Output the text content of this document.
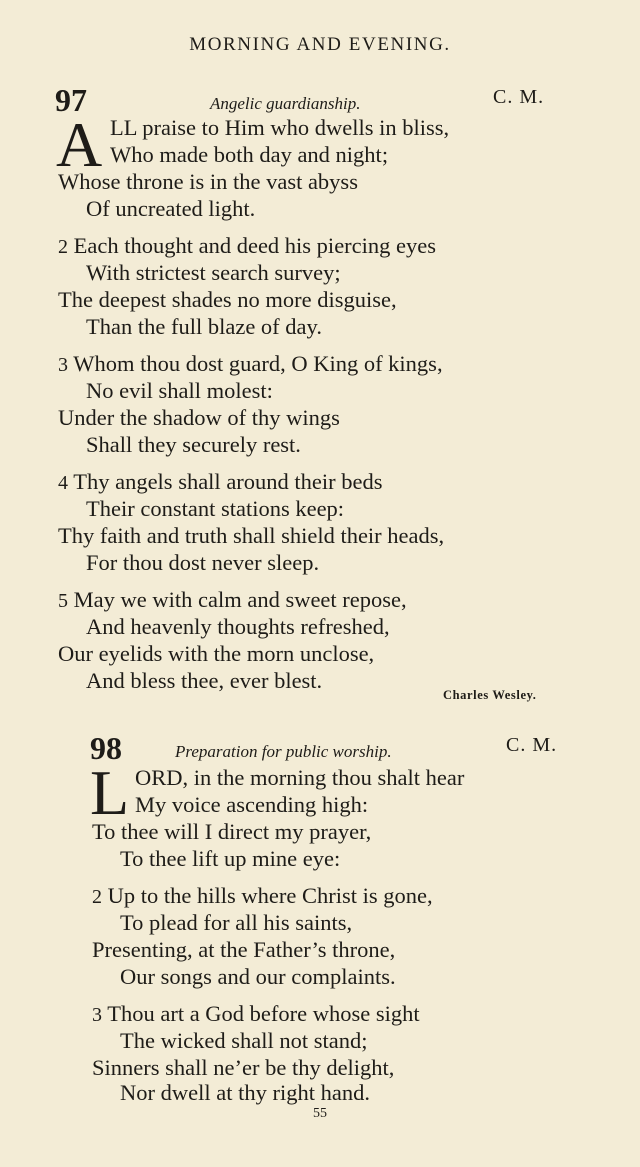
MORNING AND EVENING.
97	Angelic guardianship.	C. M.
A LL praise to Him who dwells in bliss,
Who made both day and night;
Whose throne is in the vast abyss
Of uncreated light.
2 Each thought and deed his piercing eyes
With strictest search survey;
The deepest shades no more disguise,
Than the full blaze of day.
3 Whom thou dost guard, O King of kings,
No evil shall molest:
Under the shadow of thy wings
Shall they securely rest.
4 Thy angels shall around their beds
Their constant stations keep:
Thy faith and truth shall shield their heads,
For thou dost never sleep.
5 May we with calm and sweet repose,
And heavenly thoughts refreshed,
Our eyelids with the morn unclose,
And bless thee, ever blest.
Charles Wesley.
98	Preparation for public worship.	C. M.
L ORD, in the morning thou shalt hear
My voice ascending high:
To thee will I direct my prayer,
To thee lift up mine eye:
2 Up to the hills where Christ is gone,
To plead for all his saints,
Presenting, at the Father’s throne,
Our songs and our complaints.
3 Thou art a God before whose sight
The wicked shall not stand;
Sinners shall ne’er be thy delight,
Nor dwell at thy right hand.
55
